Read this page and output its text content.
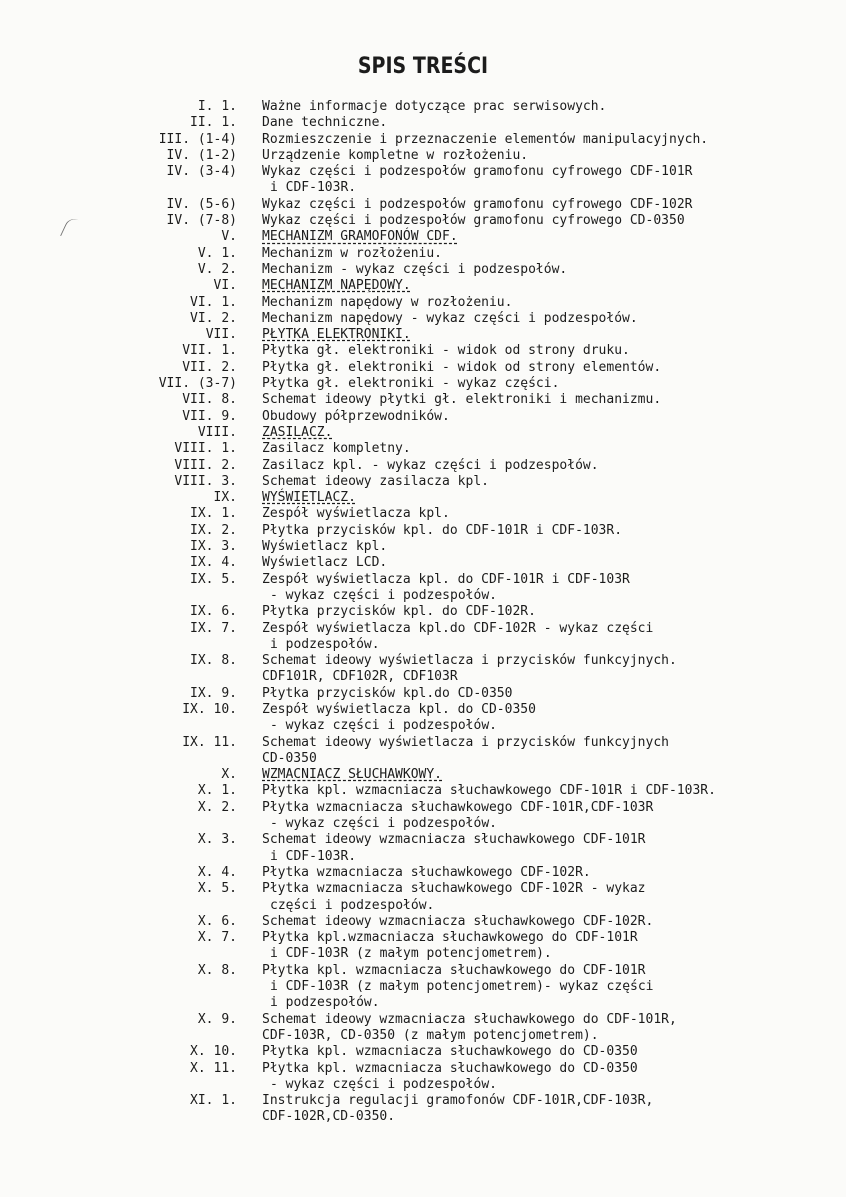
SPIS TREŚCI
I. 1. Ważne informacje dotyczące prac serwisowych.
II. 1. Dane techniczne.
III. (1-4) Rozmieszczenie i przeznaczenie elementów manipulacyjnych.
IV. (1-2) Urządzenie kompletne w rozłożeniu.
IV. (3-4) Wykaz części i podzespołów gramofonu cyfrowego CDF-101R
i CDF-103R.
IV. (5-6) Wykaz części i podzespołów gramofonu cyfrowego CDF-102R
IV. (7-8) Wykaz części i podzespołów gramofonu cyfrowego CD-0350
V. MECHANIZM GRAMOFONÓW CDF.
V. 1. Mechanizm w rozłożeniu.
V. 2. Mechanizm - wykaz części i podzespołów.
VI. MECHANIZM NAPĘDOWY.
VI. 1. Mechanizm napędowy w rozłożeniu.
VI. 2. Mechanizm napędowy - wykaz części i podzespołów.
VII. PŁYTKA ELEKTRONIKI.
VII. 1. Płytka gł. elektroniki - widok od strony druku.
VII. 2. Płytka gł. elektroniki - widok od strony elementów.
VII. (3-7) Płytka gł. elektroniki - wykaz części.
VII. 8. Schemat ideowy płytki gł. elektroniki i mechanizmu.
VII. 9. Obudowy półprzewodników.
VIII. ZASILACZ.
VIII. 1. Zasilacz kompletny.
VIII. 2. Zasilacz kpl. - wykaz części i podzespołów.
VIII. 3. Schemat ideowy zasilacza kpl.
IX. WYŚWIETLACZ.
IX. 1. Zespół wyświetlacza kpl.
IX. 2. Płytka przycisków kpl. do CDF-101R i CDF-103R.
IX. 3. Wyświetlacz kpl.
IX. 4. Wyświetlacz LCD.
IX. 5. Zespół wyświetlacza kpl. do CDF-101R i CDF-103R
- wykaz części i podzespołów.
IX. 6. Płytka przycisków kpl. do CDF-102R.
IX. 7. Zespół wyświetlacza kpl.do CDF-102R - wykaz części
i podzespołów.
IX. 8. Schemat ideowy wyświetlacza i przycisków funkcyjnych.
CDF101R, CDF102R, CDF103R
IX. 9. Płytka przycisków kpl.do CD-0350
IX. 10. Zespół wyświetlacza kpl. do CD-0350
- wykaz części i podzespołów.
IX. 11. Schemat ideowy wyświetlacza i przycisków funkcyjnych
CD-0350
X. WZMACNIACZ SŁUCHAWKOWY.
X. 1. Płytka kpl. wzmacniacza słuchawkowego CDF-101R i CDF-103R.
X. 2. Płytka wzmacniacza słuchawkowego CDF-101R,CDF-103R
- wykaz części i podzespołów.
X. 3. Schemat ideowy wzmacniacza słuchawkowego CDF-101R
i CDF-103R.
X. 4. Płytka wzmacniacza słuchawkowego CDF-102R.
X. 5. Płytka wzmacniacza słuchawkowego CDF-102R - wykaz
części i podzespołów.
X. 6. Schemat ideowy wzmacniacza słuchawkowego CDF-102R.
X. 7. Płytka kpl.wzmacniacza słuchawkowego do CDF-101R
i CDF-103R (z małym potencjometrem).
X. 8. Płytka kpl. wzmacniacza słuchawkowego do CDF-101R
i CDF-103R (z małym potencjometrem)- wykaz części
i podzespołów.
X. 9. Schemat ideowy wzmacniacza słuchawkowego do CDF-101R,
CDF-103R, CD-0350 (z małym potencjometrem).
X. 10. Płytka kpl. wzmacniacza słuchawkowego do CD-0350
X. 11. Płytka kpl. wzmacniacza słuchawkowego do CD-0350
- wykaz części i podzespołów.
XI. 1. Instrukcja regulacji gramofonów CDF-101R,CDF-103R,
CDF-102R,CD-0350.
